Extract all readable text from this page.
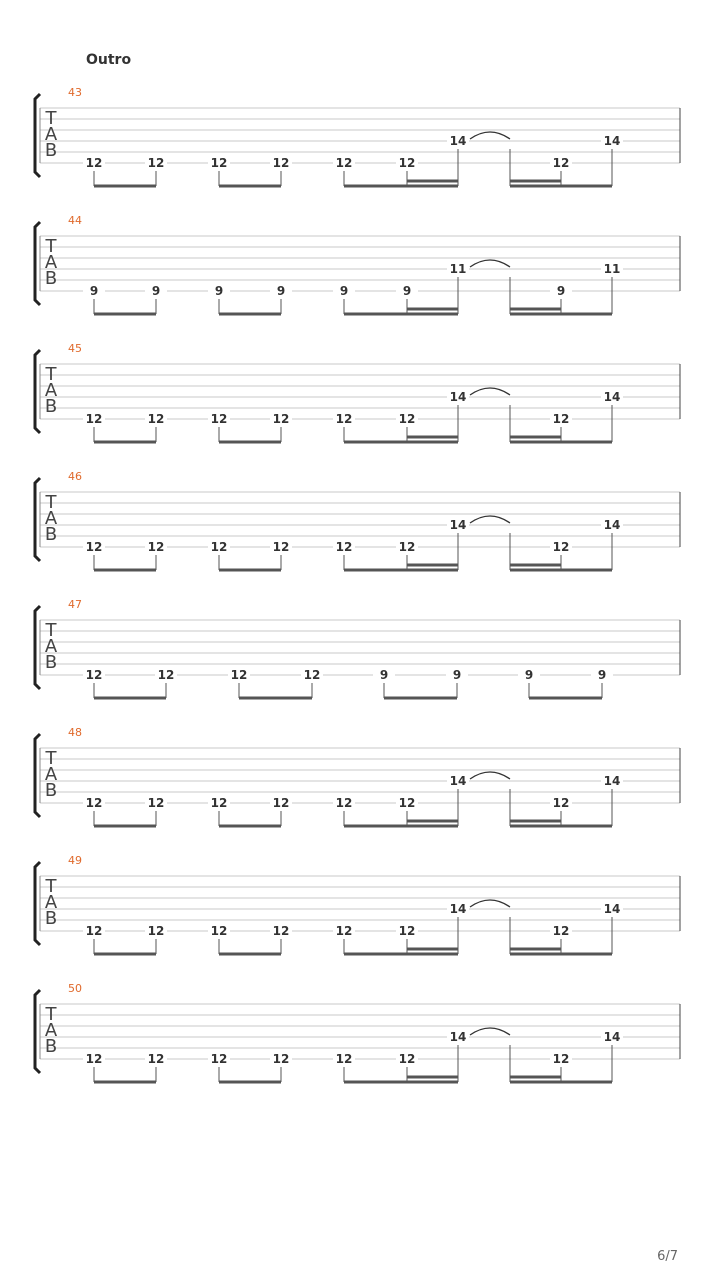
Outro
43
T
A
B
12	12	12	12	12	12
14
12
14
44
T
A
B
9	9	9	9	9	9
11
9
11
45
T
A
B
12	12	12	12	12	12
14
12
14
46
T
A
B
12	12	12	12	12	12
14
12
14
47
T
A
B
12	12	12	12	9	9	9	9
48
T
A
B
12	12	12	12	12	12
14
12
14
49
T
A
B
12	12	12	12	12	12
14
12
14
50
T
A
B
12	12	12	12	12	12
14
12
14
6/7
